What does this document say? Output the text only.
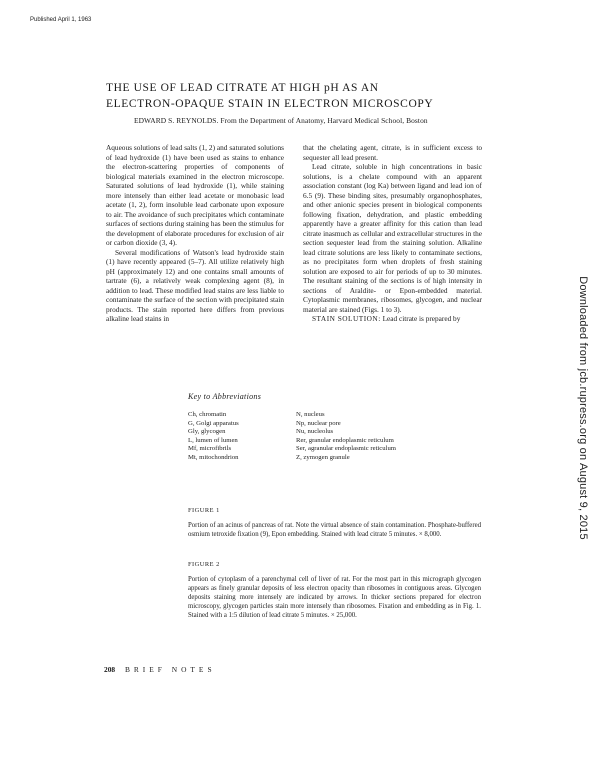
Published April 1, 1963
Downloaded from jcb.rupress.org on August 9, 2015
THE USE OF LEAD CITRATE AT HIGH pH AS AN
ELECTRON-OPAQUE STAIN IN ELECTRON MICROSCOPY
EDWARD S. REYNOLDS. From the Department of Anatomy, Harvard Medical School, Boston

Aqueous solutions of lead salts (1, 2) and saturated solutions of lead hydroxide (1) have been used as stains to enhance the electron-scattering properties of components of biological materials examined in the electron microscope. Saturated solutions of lead hydroxide (1), while staining more intensely than either lead acetate or monobasic lead acetate (1, 2), form insoluble lead carbonate upon exposure to air. The avoidance of such precipitates which contaminate surfaces of sections during staining has been the stimulus for the development of elaborate procedures for exclusion of air or carbon dioxide (3, 4).

Several modifications of Watson's lead hydroxide stain (1) have recently appeared (5–7). All utilize relatively high pH (approximately 12) and one contains small amounts of tartrate (6), a relatively weak complexing agent (8), in addition to lead. These modified lead stains are less liable to contaminate the surface of the section with precipitated stain products. The stain reported here differs from previous alkaline lead stains in

that the chelating agent, citrate, is in sufficient excess to sequester all lead present.

Lead citrate, soluble in high concentrations in basic solutions, is a chelate compound with an apparent association constant (log Ka) between ligand and lead ion of 6.5 (9). These binding sites, presumably organophosphates, and other anionic species present in biological components following fixation, dehydration, and plastic embedding apparently have a greater affinity for this cation than lead citrate inasmuch as cellular and extracellular structures in the section sequester lead from the staining solution. Alkaline lead citrate solutions are less likely to contaminate sections, as no precipitates form when droplets of fresh staining solution are exposed to air for periods of up to 30 minutes. The resultant staining of the sections is of high intensity in sections of Araldite- or Epon-embedded material. Cytoplasmic membranes, ribosomes, glycogen, and nuclear material are stained (Figs. 1 to 3).

STAIN SOLUTION: Lead citrate is prepared by

Key to Abbreviations
Ch, chromatin	N, nucleus
G, Golgi apparatus	Np, nuclear pore
Gly, glycogen	Nu, nucleolus
L, lumen of lumen	Rer, granular endoplasmic reticulum
Mf, microfibrils	Ser, agranular endoplasmic reticulum
Mt, mitochondrion	Z, zymogen granule
FIGURE 1

Portion of an acinus of pancreas of rat. Note the virtual absence of stain contamination. Phosphate-buffered osmium tetroxide fixation (9), Epon embedding. Stained with lead citrate 5 minutes. × 8,000.

FIGURE 2

Portion of cytoplasm of a parenchymal cell of liver of rat. For the most part in this micrograph glycogen appears as finely granular deposits of less electron opacity than ribosomes in contiguous areas. Glycogen deposits staining more intensely are indicated by arrows. In thicker sections prepared for electron microscopy, glycogen particles stain more intensely than ribosomes. Fixation and embedding as in Fig. 1. Stained with a 1:5 dilution of lead citrate 5 minutes. × 25,000.

208 BRIEF NOTES
